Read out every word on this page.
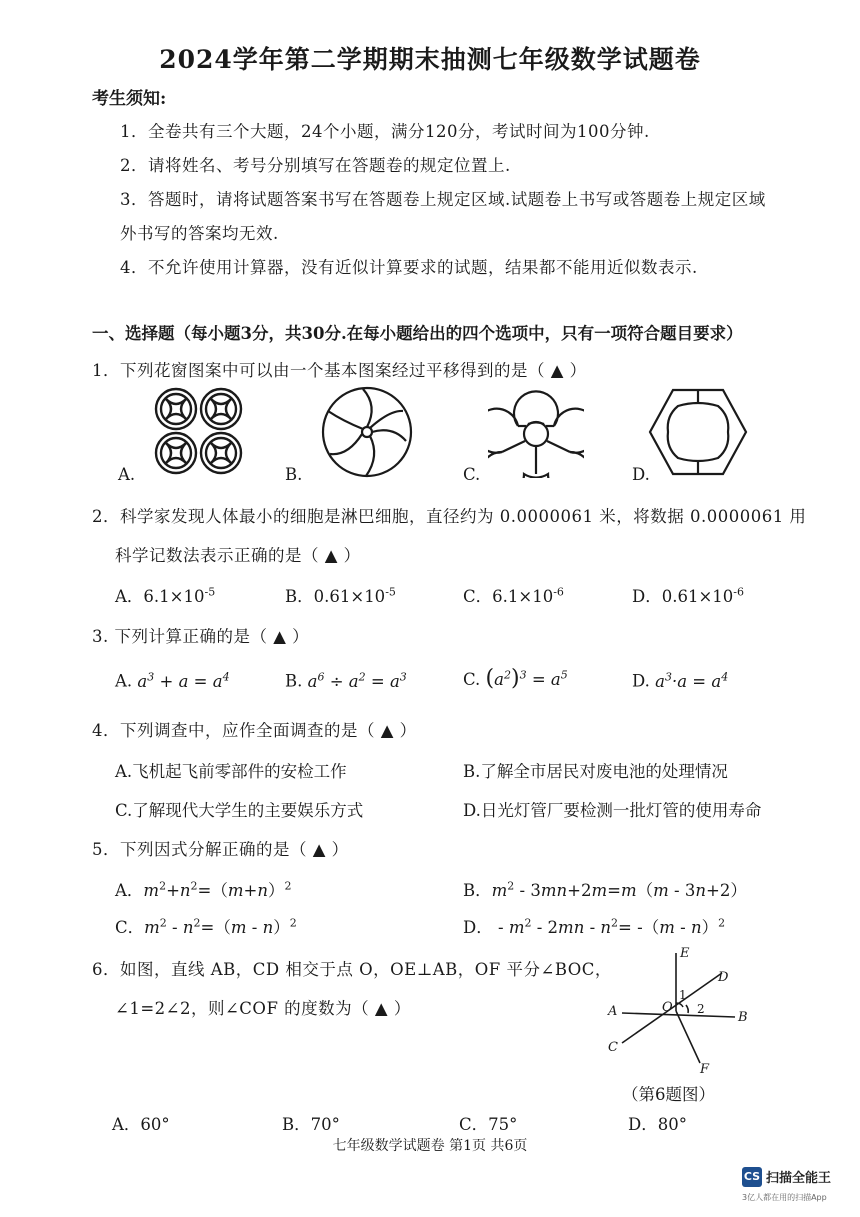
2024学年第二学期期末抽测七年级数学试题卷
考生须知:
1．全卷共有三个大题，24个小题，满分120分，考试时间为100分钟.
2．请将姓名、考号分别填写在答题卷的规定位置上.
3．答题时，请将试题答案书写在答题卷上规定区域.试题卷上书写或答题卷上规定区域
外书写的答案均无效.
4．不允许使用计算器，没有近似计算要求的试题，结果都不能用近似数表示.
一、选择题（每小题3分，共30分.在每小题给出的四个选项中，只有一项符合题目要求）
1．下列花窗图案中可以由一个基本图案经过平移得到的是（ ▲ ）
A.	B.	C.	D.
2．科学家发现人体最小的细胞是淋巴细胞，直径约为 0.0000061 米，将数据 0.0000061 用
科学记数法表示正确的是（ ▲ ）
A．$6.1\times 10^{-5}$	B．$0.61\times 10^{-5}$	C．$6.1\times 10^{-6}$	D．$0.61\times 10^{-6}$
3. 下列计算正确的是（ ▲ ）
A. $a^3 + a = a^4$	B. $a^6 \div a^2 = a^3$	C. $(a^2)^3 = a^5$	D. $a^3\cdot a = a^4$
4．下列调查中，应作全面调查的是（ ▲ ）
A.飞机起飞前零部件的安检工作	B.了解全市居民对废电池的处理情况
C.了解现代大学生的主要娱乐方式	D.日光灯管厂要检测一批灯管的使用寿命
5．下列因式分解正确的是（ ▲ ）
A．$m^2+n^2=(m+n)^2$	B．$m^2 - 3mn+2m=m(m - 3n+2)$
C．$m^2 - n^2=(m - n)^2$	D． - $m^2 - 2mn - n^2= -(m - n)^2$
6．如图，直线 AB，CD 相交于点 O，OE⊥AB，OF 平分∠BOC，
∠1=2∠2，则∠COF 的度数为（ ▲ ）
E
D
A	O
B
C
F
1
2
（第6题图）
A．60°	B．70°	C．75°	D．80°
七年级数学试题卷 第1页 共6页
CS 扫描全能王
3亿人都在用的扫描App
